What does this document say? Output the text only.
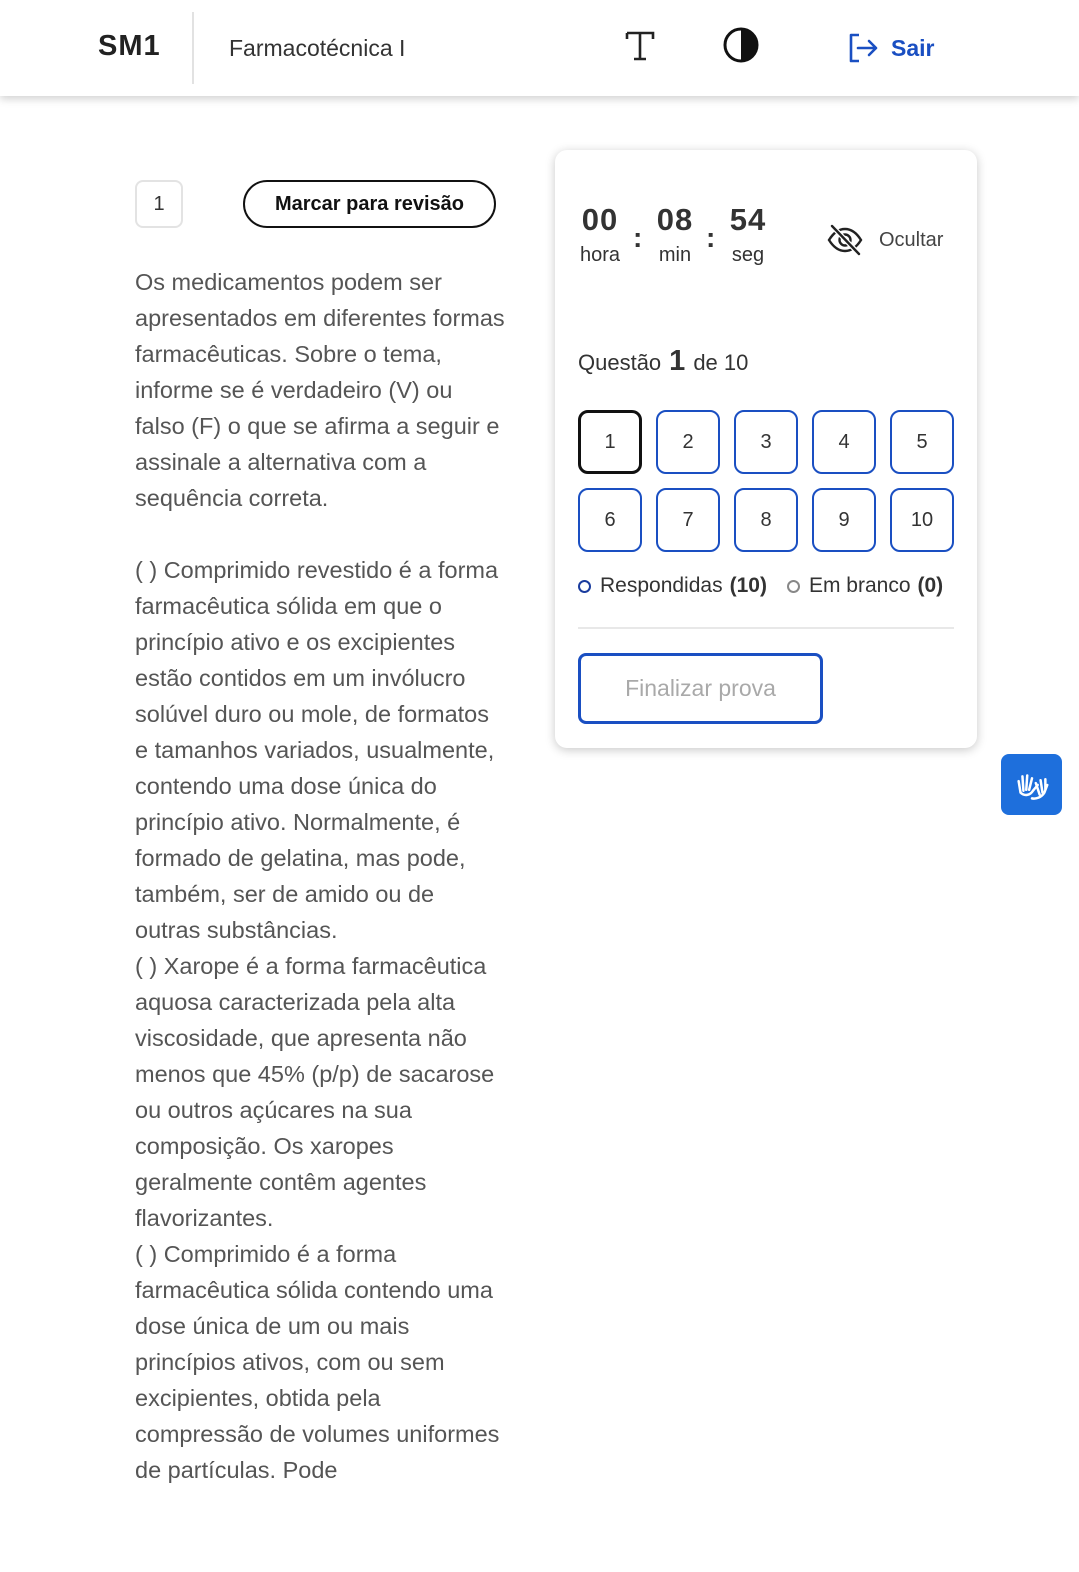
SM1	Farmacotécnica I	Sair
1	Marcar para revisão

Os medicamentos podem ser apresentados em diferentes formas farmacêuticas. Sobre o tema, informe se é verdadeiro (V) ou falso (F) o que se afirma a seguir e assinale a alternativa com a sequência correta.

( ) Comprimido revestido é a forma farmacêutica sólida em que o princípio ativo e os excipientes estão contidos em um invólucro solúvel duro ou mole, de formatos e tamanhos variados, usualmente, contendo uma dose única do princípio ativo. Normalmente, é formado de gelatina, mas pode, também, ser de amido ou de outras substâncias.

( ) Xarope é a forma farmacêutica aquosa caracterizada pela alta viscosidade, que apresenta não menos que 45% (p/p) de sacarose ou outros açúcares na sua composição. Os xaropes geralmente contêm agentes flavorizantes.

( ) Comprimido é a forma farmacêutica sólida contendo uma dose única de um ou mais princípios ativos, com ou sem excipientes, obtida pela compressão de volumes uniformes de partículas. Pode

00
hora
:
08
min
:
54
seg
Ocultar
Questão 1 de 10
1	2	3	4	5
6	7	8	9	10
Respondidas (10) Em branco (0)
Finalizar prova
